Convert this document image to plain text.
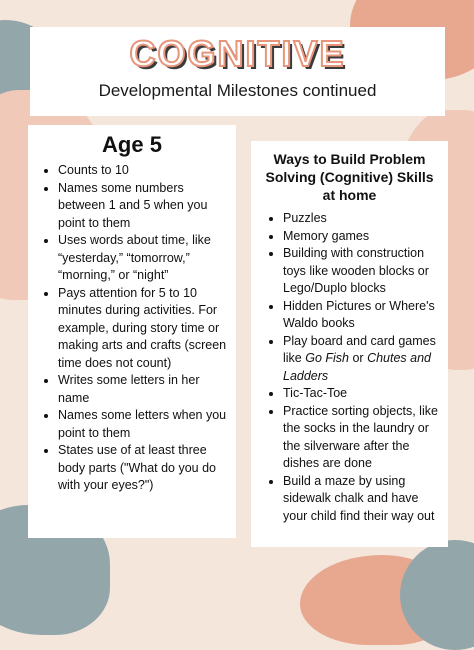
COGNITIVE
Developmental Milestones continued
Age 5
• Counts to 10
• Names some numbers between 1 and 5 when you point to them
• Uses words about time, like “yesterday,” “tomorrow,” “morning,” or “night”
• Pays attention for 5 to 10 minutes during activities. For example, during story time or making arts and crafts (screen time does not count)
• Writes some letters in her name
• Names some letters when you point to them
• States use of at least three body parts ("What do you do with your eyes?")
Ways to Build Problem Solving (Cognitive) Skills at home
• Puzzles
• Memory games
• Building with construction toys like wooden blocks or Lego/Duplo blocks
• Hidden Pictures or Where's Waldo books
• Play board and card games like Go Fish or Chutes and Ladders
• Tic-Tac-Toe
• Practice sorting objects, like the socks in the laundry or the silverware after the dishes are done
• Build a maze by using sidewalk chalk and have your child find their way out
